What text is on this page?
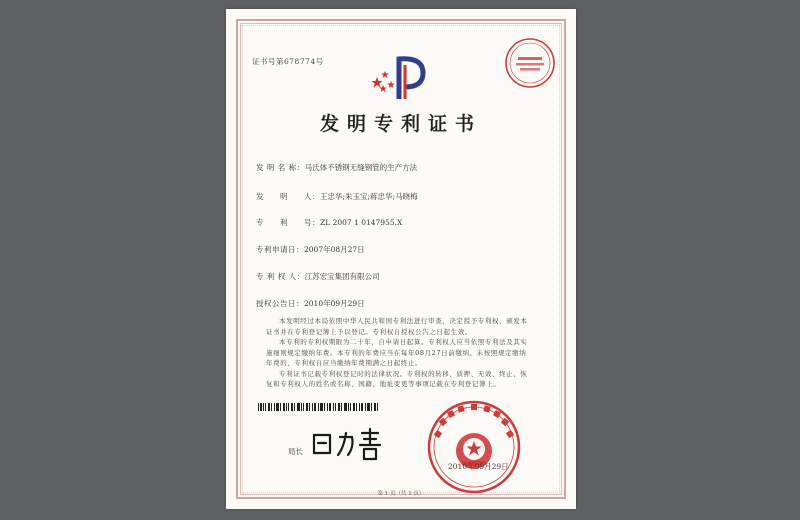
证书号第678774号
发明专利证书
发 明 名 称：马氏体不锈钢无缝钢管的生产方法
发　　明　　人：王忠华;朱玉宝;蒋忠华;马晓梅
专　　利　　号：ZL 2007 1 0147955.X
专利申请日：2007年08月27日
专 利 权 人：江苏宏宝集团有限公司
授权公告日：2010年09月29日

本发明经过本局依照中华人民共和国专利法进行审查，决定授予专利权，颁发本证书并在专利登记簿上予以登记。专利权自授权公告之日起生效。

本专利的专利权期限为二十年，自申请日起算。专利权人应当依照专利法及其实施细则规定缴纳年费。本专利的年费应当在每年08月27日前缴纳。未按照规定缴纳年费的，专利权自应当缴纳年费期满之日起终止。

专利证书记载专利权登记时的法律状况。专利权的转移、质押、无效、终止、恢复和专利权人的姓名或名称、国籍、地址变更等事项记载在专利登记簿上。

局长
2010年09月29日
第 1 页（共 1 页）
